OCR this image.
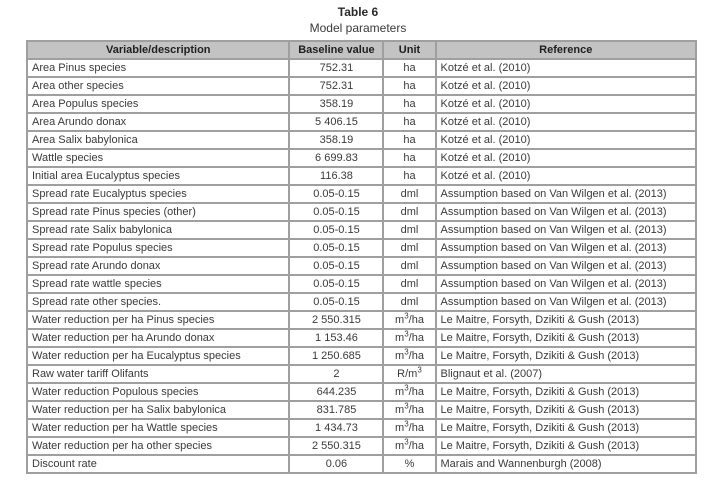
Table 6
Model parameters
Variable/description	Baseline value	Unit	Reference
Area Pinus species	752.31	ha	Kotzé et al. (2010)
Area other species	752.31	ha	Kotzé et al. (2010)
Area Populus species	358.19	ha	Kotzé et al. (2010)
Area Arundo donax	5 406.15	ha	Kotzé et al. (2010)
Area Salix babylonica	358.19	ha	Kotzé et al. (2010)
Wattle species	6 699.83	ha	Kotzé et al. (2010)
Initial area Eucalyptus species	116.38	ha	Kotzé et al. (2010)
Spread rate Eucalyptus species	0.05-0.15	dml	Assumption based on Van Wilgen et al. (2013)
Spread rate Pinus species (other)	0.05-0.15	dml	Assumption based on Van Wilgen et al. (2013)
Spread rate Salix babylonica	0.05-0.15	dml	Assumption based on Van Wilgen et al. (2013)
Spread rate Populus species	0.05-0.15	dml	Assumption based on Van Wilgen et al. (2013)
Spread rate Arundo donax	0.05-0.15	dml	Assumption based on Van Wilgen et al. (2013)
Spread rate wattle species	0.05-0.15	dml	Assumption based on Van Wilgen et al. (2013)
Spread rate other species.	0.05-0.15	dml	Assumption based on Van Wilgen et al. (2013)
Water reduction per ha Pinus species	2 550.315	$m^3/ha$	Le Maitre, Forsyth, Dzikiti & Gush (2013)
Water reduction per ha Arundo donax	1 153.46	$m^3/ha$	Le Maitre, Forsyth, Dzikiti & Gush (2013)
Water reduction per ha Eucalyptus species	1 250.685	$m^3/ha$	Le Maitre, Forsyth, Dzikiti & Gush (2013)
Raw water tariff Olifants	2	$R/m^3$	Blignaut et al. (2007)
Water reduction Populous species	644.235	$m^3/ha$	Le Maitre, Forsyth, Dzikiti & Gush (2013)
Water reduction per ha Salix babylonica	831.785	$m^3/ha$	Le Maitre, Forsyth, Dzikiti & Gush (2013)
Water reduction per ha Wattle species	1 434.73	$m^3/ha$	Le Maitre, Forsyth, Dzikiti & Gush (2013)
Water reduction per ha other species	2 550.315	$m^3/ha$	Le Maitre, Forsyth, Dzikiti & Gush (2013)
Discount rate	0.06	%	Marais and Wannenburgh (2008)
